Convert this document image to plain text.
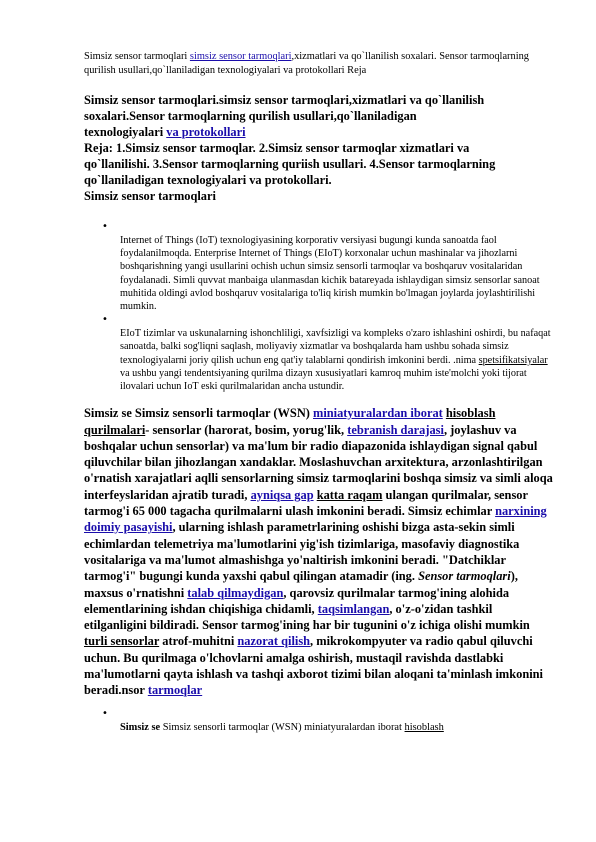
Simsiz sensor tarmoqlari simsiz sensor tarmoqlari,xizmatlari va qo`llanilish soxalari. Sensor tarmoqlarning qurilish usullari,qo`llaniladigan texnologiyalari va protokollari Reja

Simsiz sensor tarmoqlari.simsiz sensor tarmoqlari,xizmatlari va qo`llanilish
soxalari.Sensor tarmoqlarning qurilish usullari,qo`llaniladigan
texnologiyalari va protokollari
Reja: 1.Simsiz sensor tarmoqlar. 2.Simsiz sensor tarmoqlar xizmatlari va
qo`llanilishi. 3.Sensor tarmoqlarning quriish usullari. 4.Sensor tarmoqlarning
qo`llaniladigan texnologiyalari va protokollari.
Simsiz sensor tarmoqlari
•
Internet of Things (IoT) texnologiyasining korporativ versiyasi bugungi kunda sanoatda faol foydalanilmoqda. Enterprise Internet of Things (EIoT) korxonalar uchun mashinalar va jihozlarni boshqarishning yangi usullarini ochish uchun simsiz sensorli tarmoqlar va boshqaruv vositalaridan foydalanadi. Simli quvvat manbaiga ulanmasdan kichik batareyada ishlaydigan simsiz sensorlar sanoat muhitida oldingi avlod boshqaruv vositalariga to'liq kirish mumkin bo'lmagan joylarda joylashtirilishi mumkin.
•
EIoT tizimlar va uskunalarning ishonchliligi, xavfsizligi va kompleks o'zaro ishlashini oshirdi, bu nafaqat sanoatda, balki sog'liqni saqlash, moliyaviy xizmatlar va boshqalarda ham ushbu sohada simsiz texnologiyalarni joriy qilish uchun eng qat'iy talablarni qondirish imkonini berdi. .nima spetsifikatsiyalar va ushbu yangi tendentsiyaning qurilma dizayn xususiyatlari kamroq muhim iste'molchi yoki tijorat ilovalari uchun IoT eski qurilmalaridan ancha ustundir.
Simsiz se Simsiz sensorli tarmoqlar (WSN) miniatyuralardan iborat hisoblash qurilmalari- sensorlar (harorat, bosim, yorug'lik, tebranish darajasi, joylashuv va boshqalar uchun sensorlar) va ma'lum bir radio diapazonida ishlaydigan signal qabul qiluvchilar bilan jihozlangan xandaklar. Moslashuvchan arxitektura, arzonlashtirilgan o'rnatish xarajatlari aqlli sensorlarning simsiz tarmoqlarini boshqa simsiz va simli aloqa interfeyslaridan ajratib turadi, ayniqsa gap katta raqam ulangan qurilmalar, sensor tarmog'i 65 000 tagacha qurilmalarni ulash imkonini beradi. Simsiz echimlar narxining doimiy pasayishi, ularning ishlash parametrlarining oshishi bizga asta-sekin simli echimlardan telemetriya ma'lumotlarini yig'ish tizimlariga, masofaviy diagnostika vositalariga va ma'lumot almashishga yo'naltirish imkonini beradi. "Datchiklar tarmog'i" bugungi kunda yaxshi qabul qilingan atamadir (ing. Sensor tarmoqlari), maxsus o'rnatishni talab qilmaydigan, qarovsiz qurilmalar tarmog'ining alohida elementlarining ishdan chiqishiga chidamli, taqsimlangan, o'z-o'zidan tashkil etilganligini bildiradi. Sensor tarmog'ining har bir tugunini o'z ichiga olishi mumkin turli sensorlar atrof-muhitni nazorat qilish, mikrokompyuter va radio qabul qiluvchi uchun. Bu qurilmaga o'lchovlarni amalga oshirish, mustaqil ravishda dastlabki ma'lumotlarni qayta ishlash va tashqi axborot tizimi bilan aloqani ta'minlash imkonini beradi.nsor tarmoqlar
•
Simsiz se Simsiz sensorli tarmoqlar (WSN) miniatyuralardan iborat hisoblash
